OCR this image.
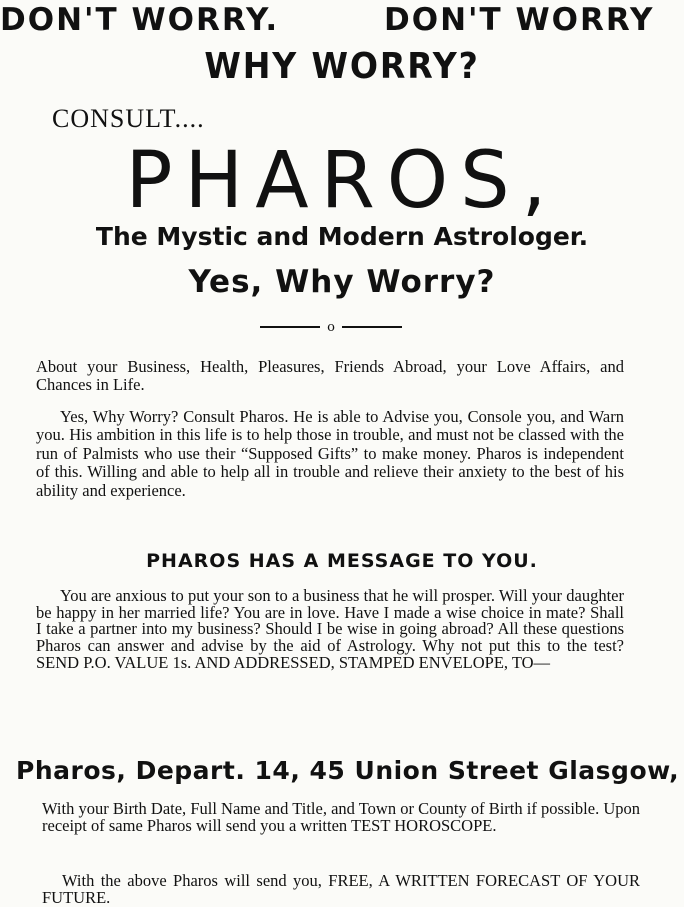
DON'T WORRY.	DON'T WORRY
WHY WORRY?
CONSULT....
PHAROS,
The Mystic and Modern Astrologer.
Yes, Why Worry?
o
About your Business, Health, Pleasures, Friends Abroad, your Love Affairs, and Chances in Life.
Yes, Why Worry? Consult Pharos. He is able to Advise you, Console you, and Warn you. His ambition in this life is to help those in trouble, and must not be classed with the run of Palmists who use their “Supposed Gifts” to make money. Pharos is independent of this. Willing and able to help all in trouble and relieve their anxiety to the best of his ability and experience.
PHAROS HAS A MESSAGE TO YOU.
You are anxious to put your son to a business that he will prosper. Will your daughter be happy in her married life? You are in love. Have I made a wise choice in mate? Shall I take a partner into my business? Should I be wise in going abroad? All these questions Pharos can answer and advise by the aid of Astrology. Why not put this to the test? SEND P.O. VALUE 1s. AND ADDRESSED, STAMPED ENVELOPE, TO—
Pharos, Depart. 14, 45 Union Street Glasgow,
With your Birth Date, Full Name and Title, and Town or County of Birth if possible. Upon receipt of same Pharos will send you a written TEST HOROSCOPE.
With the above Pharos will send you, FREE, A WRITTEN FORECAST OF YOUR FUTURE.
